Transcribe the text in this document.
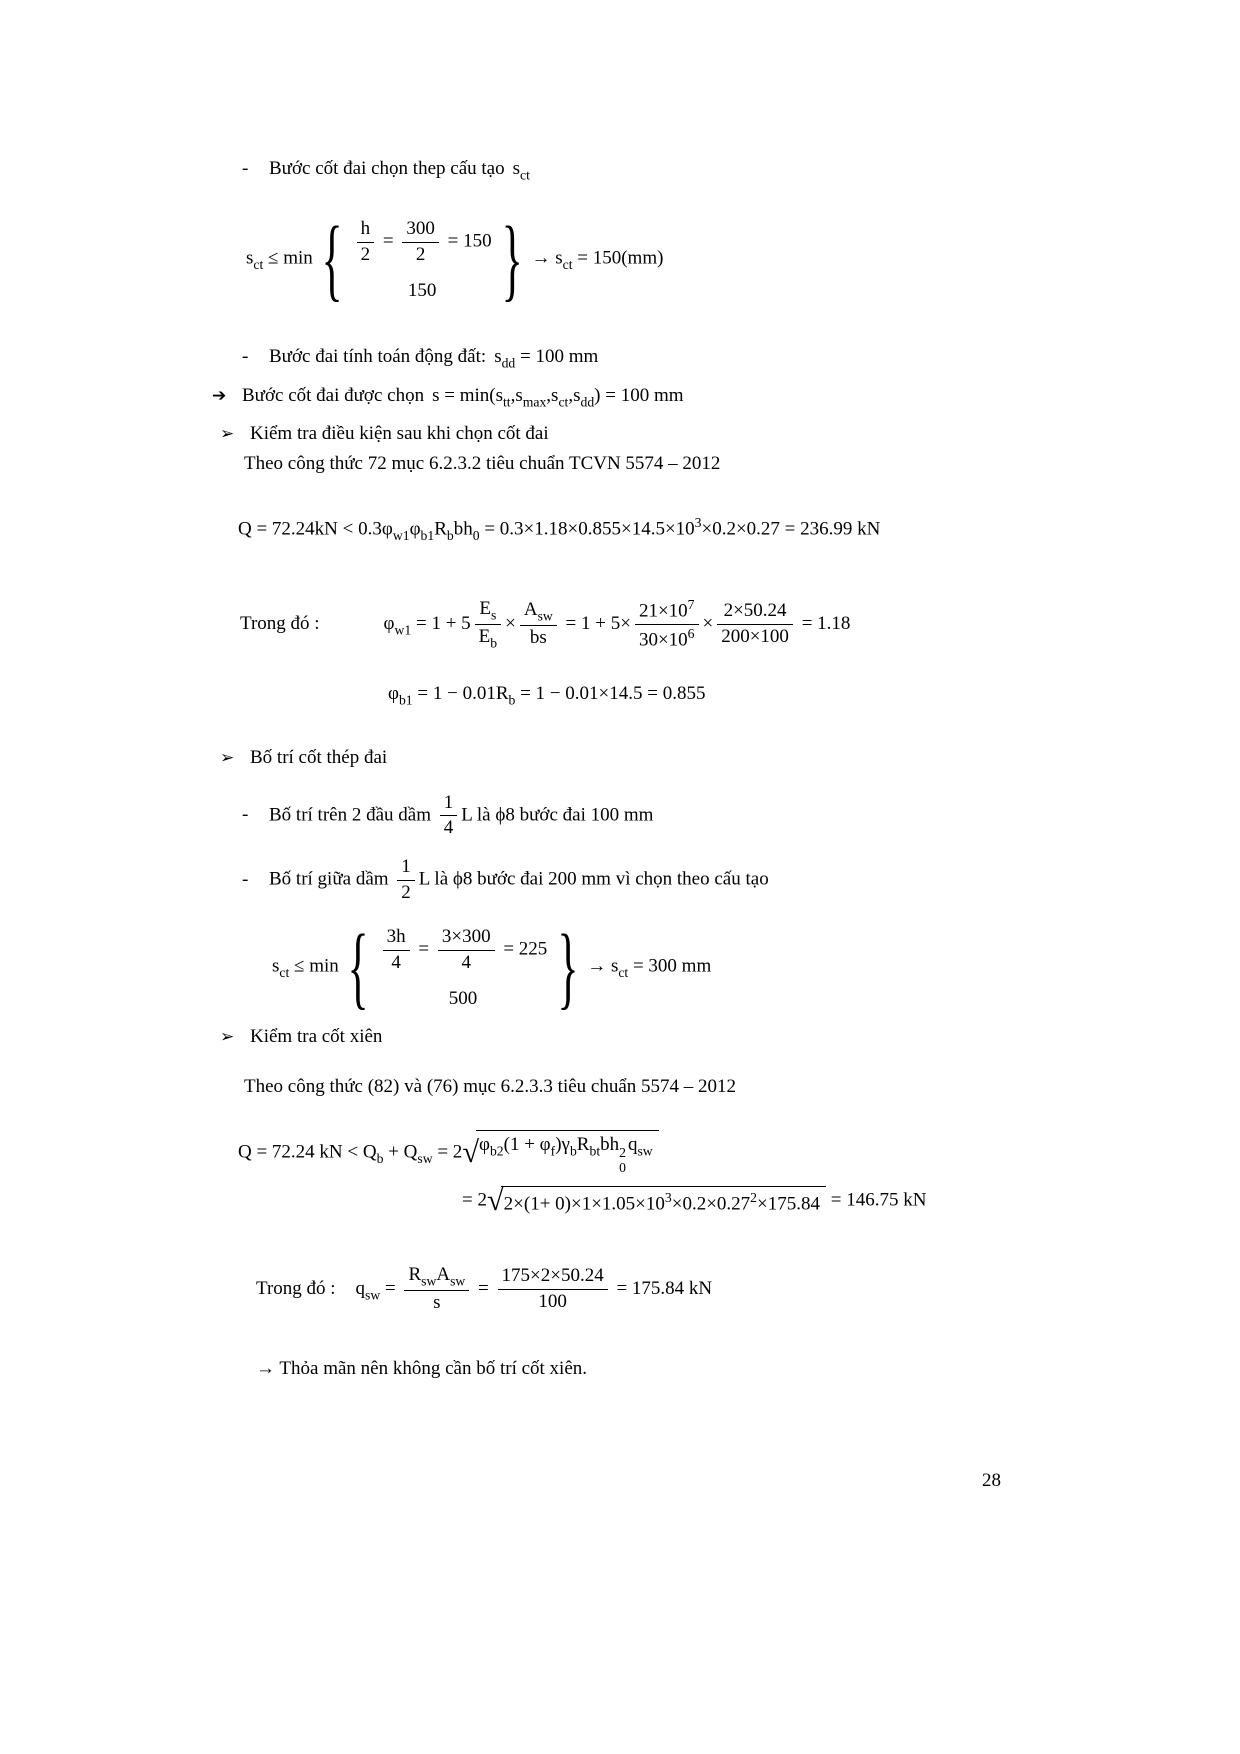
-	Bước cốt đai chọn thep cấu tạo $s_{ct}$
$s_{ct} \le \min$ { $\frac{h}{2} = \frac{300}{2} = 150$
150 } → $s_{ct} = 150(mm)$
-	Bước đai tính toán động đất: $s_{dd} = 100$ mm
➔ Bước cốt đai được chọn $s = \min(s_{tt},s_{max},s_{ct},s_{dd}) = 100$ mm
➢ Kiểm tra điều kiện sau khi chọn cốt đai
Theo công thức 72 mục 6.2.3.2 tiêu chuẩn TCVN 5574 – 2012
$Q = 72.24kN < 0.3\varphi_{w1}\varphi_{b1}R_bbh_0 = 0.3\times 1.18\times 0.855\times 14.5\times 10^3\times 0.2\times 0.27 = 236.99$ kN
Trong đó :	$\varphi_{w1} = 1 + 5 \frac{E_s}{E_b} \times \frac{A_{sw}}{bs} = 1 + 5\times \frac{21\times 10^7}{30\times 10^6} \times \frac{2\times 50.24}{200\times 100} = 1.18$
$\varphi_{b1} = 1 - 0.01R_b = 1 - 0.01\times 14.5 = 0.855$
➢ Bố trí cốt thép đai
-	Bố trí trên 2 đầu dầm $\frac{1}{4}$ L là ϕ8 bước đai 100 mm
-	Bố trí giữa dầm $\frac{1}{2}$ L là ϕ8 bước đai 200 mm vì chọn theo cấu tạo
$s_{ct} \le \min$ { $\frac{3h}{4} = \frac{3\times 300}{4} = 225$
500 } → $s_{ct} = 300$ mm
➢ Kiểm tra cốt xiên
Theo công thức (82) và (76) mục 6.2.3.3 tiêu chuẩn 5574 – 2012
Q = 72.24 kN < $Q_b + Q_{sw} = 2$ √ $\varphi_{b2}(1 + \varphi_f)\gamma_bR_{bt}bh$ 2
0
$q_{sw}$
= 2 √ $2\times(1+ 0)\times 1\times 1.05\times 10^3\times 0.2\times 0.27^2\times 175.84 = 146.75$ kN
Trong đó : $q_{sw} = \frac{R_{sw}A_{sw}}{s} = \frac{175\times 2\times 50.24}{100} = 175.84$ kN
→ Thỏa mãn nên không cần bố trí cốt xiên.
28
